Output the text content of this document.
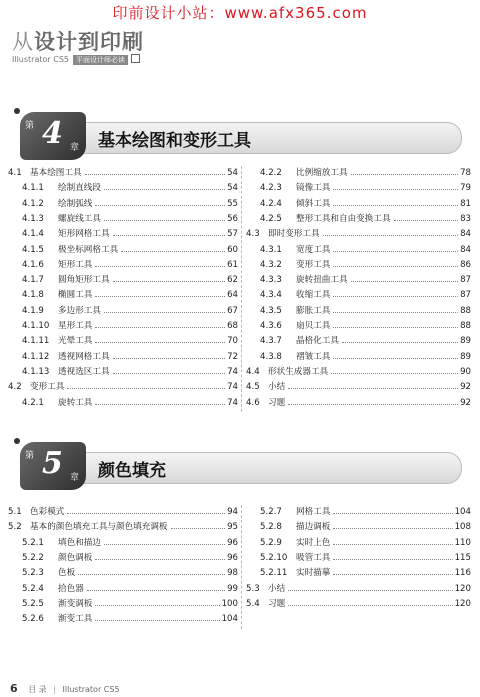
印前设计小站：www.afx365.com
从设计到印刷
Illustrator CS5 平面设计师必读
第 4 章 基本绘图和变形工具
4.1 基本绘图工具	54
4.1.1	绘制直线段	54
4.1.2	绘制弧线	55
4.1.3	螺旋线工具	56
4.1.4	矩形网格工具	57
4.1.5	极坐标网格工具	60
4.1.6	矩形工具	61
4.1.7	圆角矩形工具	62
4.1.8	椭圆工具	64
4.1.9	多边形工具	67
4.1.10	星形工具	68
4.1.11	光晕工具	70
4.1.12	透视网格工具	72
4.1.13	透视选区工具	74
4.2 变形工具	74
4.2.1	旋转工具	74
4.2.2	比例缩放工具	78
4.2.3	镜像工具	79
4.2.4	倾斜工具	81
4.2.5	整形工具和自由变换工具	83
4.3 即时变形工具	84
4.3.1	宽度工具	84
4.3.2	变形工具	86
4.3.3	旋转扭曲工具	87
4.3.4	收缩工具	87
4.3.5	膨胀工具	88
4.3.6	扇贝工具	88
4.3.7	晶格化工具	89
4.3.8	褶皱工具	89
4.4 形状生成器工具	90
4.5 小结	92
4.6 习题	92
第 5 章 颜色填充
5.1 色彩模式	94
5.2 基本的颜色填充工具与颜色填充调板	95
5.2.1	填色和描边	96
5.2.2	颜色调板	96
5.2.3	色板	98
5.2.4	拾色器	99
5.2.5	渐变调板	100
5.2.6	渐变工具	104
5.2.7	网格工具	104
5.2.8	描边调板	108
5.2.9	实时上色	110
5.2.10	吸管工具	115
5.2.11	实时描摹	116
5.3 小结	120
5.4 习题	120
6 目 录 | Illustrator CS5
